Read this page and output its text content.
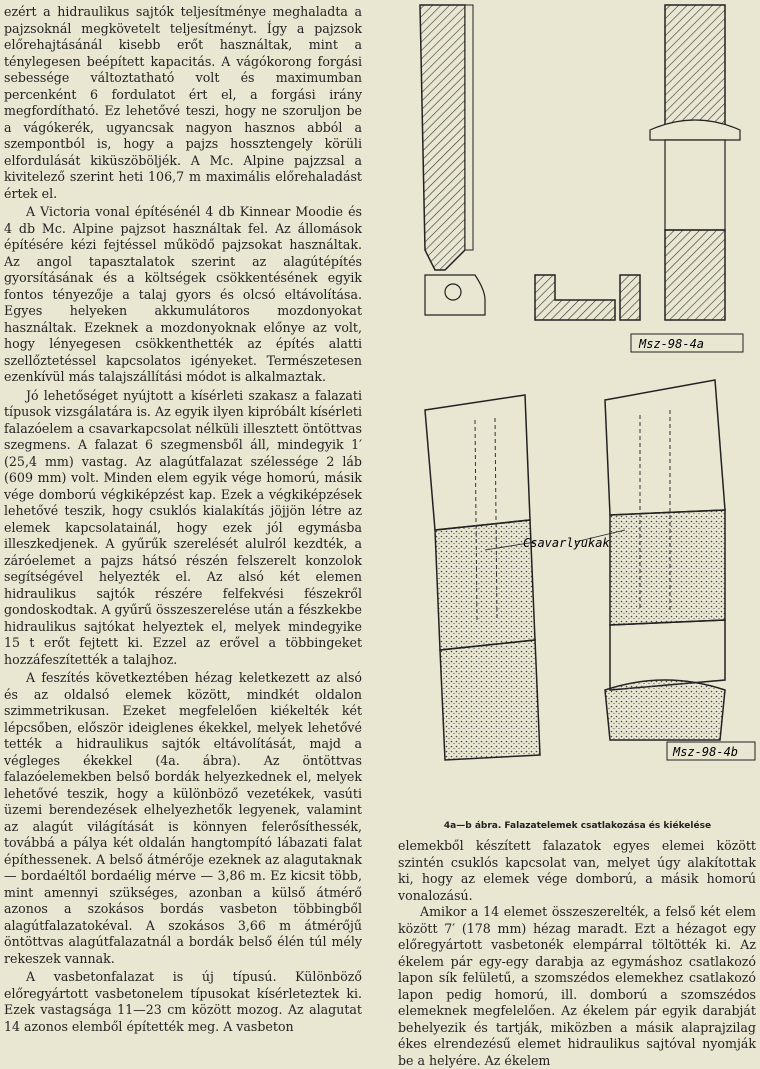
ezért a hidraulikus sajtók teljesítménye meghaladta a pajzsoknál megkövetelt teljesítményt. Így a pajzsok előrehajtásánál kisebb erőt használtak, mint a ténylegesen beépített kapacitás. A vágókorong forgási sebessége változtatható volt és maximumban percenként 6 fordulatot ért el, a forgási irány megfordítható. Ez lehetővé teszi, hogy ne szoruljon be a vágókerék, ugyancsak nagyon hasznos abból a szempontból is, hogy a pajzs hossztengely körüli elfordulását kiküszöböljék. A Mc. Alpine pajzzsal a kivitelező szerint heti 106,7 m maximális előrehaladást értek el.

A Victoria vonal építésénél 4 db Kinnear Moodie és 4 db Mc. Alpine pajzsot használtak fel. Az állomások építésére kézi fejtéssel működő pajzsokat használtak. Az angol tapasztalatok szerint az alagútépítés gyorsításának és a költségek csökkentésének egyik fontos tényezője a talaj gyors és olcsó eltávolítása. Egyes helyeken akkumulátoros mozdonyokat használtak. Ezeknek a mozdonyoknak előnye az volt, hogy lényegesen csökkenthették az építés alatti szellőztetéssel kapcsolatos igényeket. Természetesen ezenkívül más talajszállítási módot is alkalmaztak.

Jó lehetőséget nyújtott a kísérleti szakasz a falazati típusok vizsgálatára is. Az egyik ilyen kipróbált kísérleti falazóelem a csavarkapcsolat nélküli illesztett öntöttvas szegmens. A falazat 6 szegmensből áll, mindegyik 1′ (25,4 mm) vastag. Az alagútfalazat szélessége 2 láb (609 mm) volt. Minden elem egyik vége homorú, másik vége domború végkiképzést kap. Ezek a végkiképzések lehetővé teszik, hogy csuklós kialakítás jöjjön létre az elemek kapcsolatainál, hogy ezek jól egymásba illeszkedjenek. A gyűrűk szerelését alulról kezdték, a záróelemet a pajzs hátsó részén felszerelt konzolok segítségével helyezték el. Az alsó két elemen hidraulikus sajtók részére felfekvési fészekről gondoskodtak. A gyűrű összeszerelése után a fészkekbe hidraulikus sajtókat helyeztek el, melyek mindegyike 15 t erőt fejtett ki. Ezzel az erővel a többingeket hozzáfeszítették a talajhoz.

A feszítés következtében hézag keletkezett az alsó és az oldalsó elemek között, mindkét oldalon szimmetrikusan. Ezeket megfelelően kiékelték két lépcsőben, először ideiglenes ékekkel, melyek lehetővé tették a hidraulikus sajtók eltávolítását, majd a végleges ékekkel (4a. ábra). Az öntöttvas falazóelemekben belső bordák helyezkednek el, melyek lehetővé teszik, hogy a különböző vezetékek, vasúti üzemi berendezések elhelyezhetők legyenek, valamint az alagút világítását is könnyen felerősíthessék, továbbá a pálya két oldalán hangtompító lábazati falat építhessenek. A belső átmérője ezeknek az alagutaknak — bordaéltől bordaélig mérve — 3,86 m. Ez kicsit több, mint amennyi szükséges, azonban a külső átmérő azonos a szokásos bordás vasbeton többingből alagútfalazatokéval. A szokásos 3,66 m átmérőjű öntöttvas alagútfalazatnál a bordák belső élén túl mély rekeszek vannak.

A vasbetonfalazat is új típusú. Különböző előregyártott vasbetonelem típusokat kísérleteztek ki. Ezek vastagsága 11—23 cm között mozog. Az alagutat 14 azonos elemből építették meg. A vasbeton

Msz-98-4a
Csavarlyukak
Msz-98-4b
4a—b ábra. Falazatelemek csatlakozása és kiékelése

elemekből készített falazatok egyes elemei között szintén csuklós kapcsolat van, melyet úgy alakítottak ki, hogy az elemek vége domború, a másik homorú vonalozású.

Amikor a 14 elemet összeszerelték, a felső két elem között 7′ (178 mm) hézag maradt. Ezt a hézagot egy előregyártott vasbetonék elempárral töltötték ki. Az ékelem pár egy-egy darabja az egymáshoz csatlakozó lapon sík felületű, a szomszédos elemekhez csatlakozó lapon pedig homorú, ill. domború a szomszédos elemeknek megfelelően. Az ékelem pár egyik darabját behelyezik és tartják, miközben a másik alaprajzilag ékes elrendezésű elemet hidraulikus sajtóval nyomják be a helyére. Az ékelem
